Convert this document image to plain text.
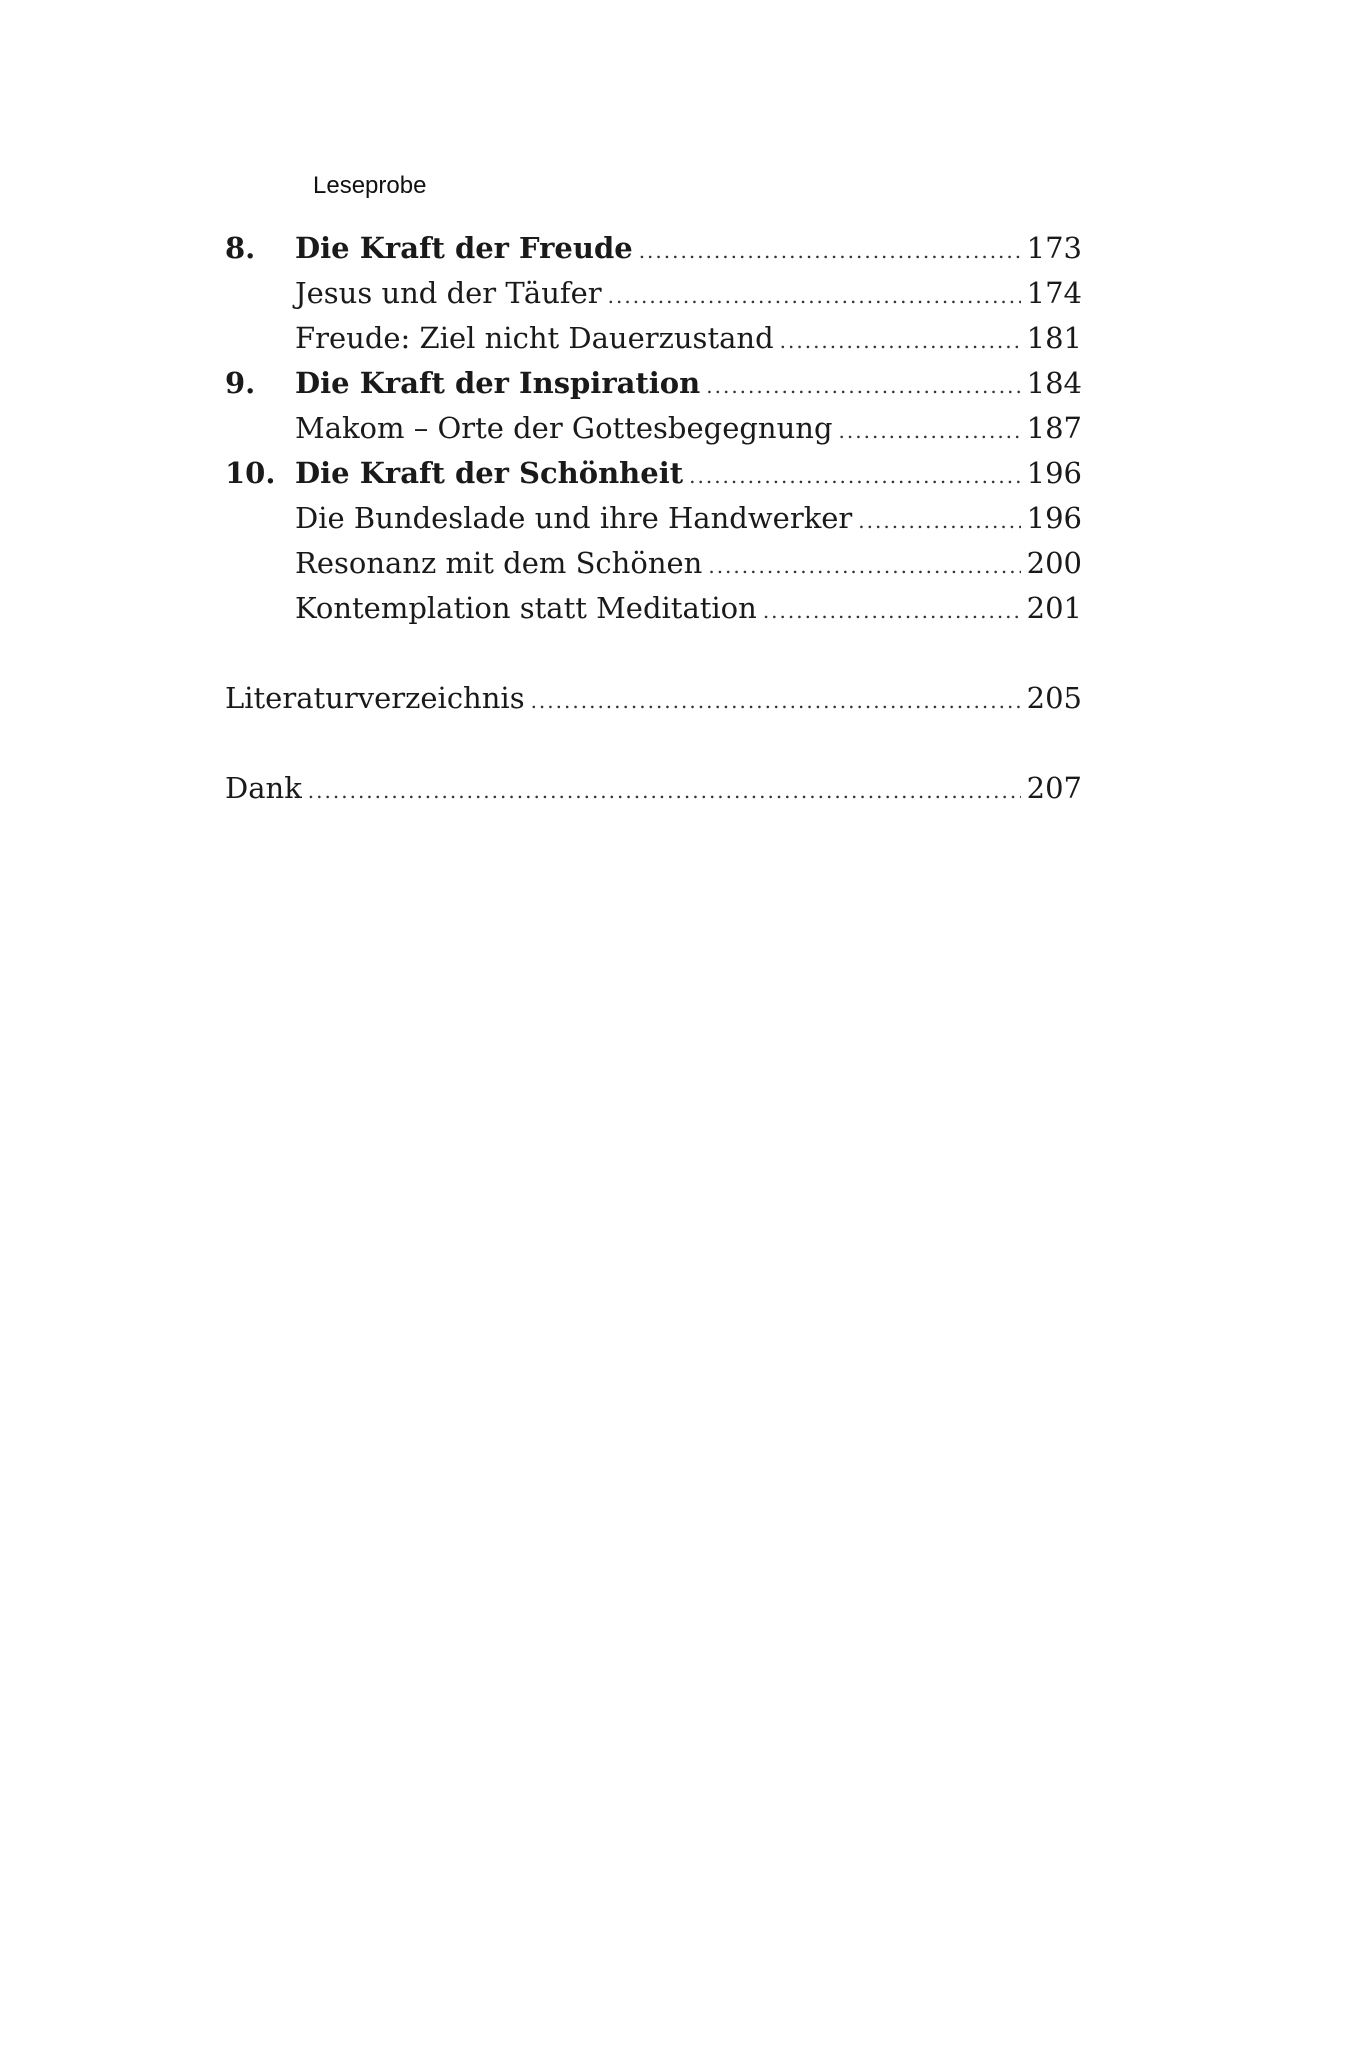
Leseprobe
8.	Die Kraft der Freude .....	173
Jesus und der Täufer .....	174
Freude: Ziel nicht Dauerzustand .....	181
9.	Die Kraft der Inspiration .....	184
Makom – Orte der Gottesbegegnung .....	187
10. Die Kraft der Schönheit .....	196
Die Bundeslade und ihre Handwerker .....	196
Resonanz mit dem Schönen .....	200
Kontemplation statt Meditation .....	201
Literaturverzeichnis .....	205
Dank .....	207
